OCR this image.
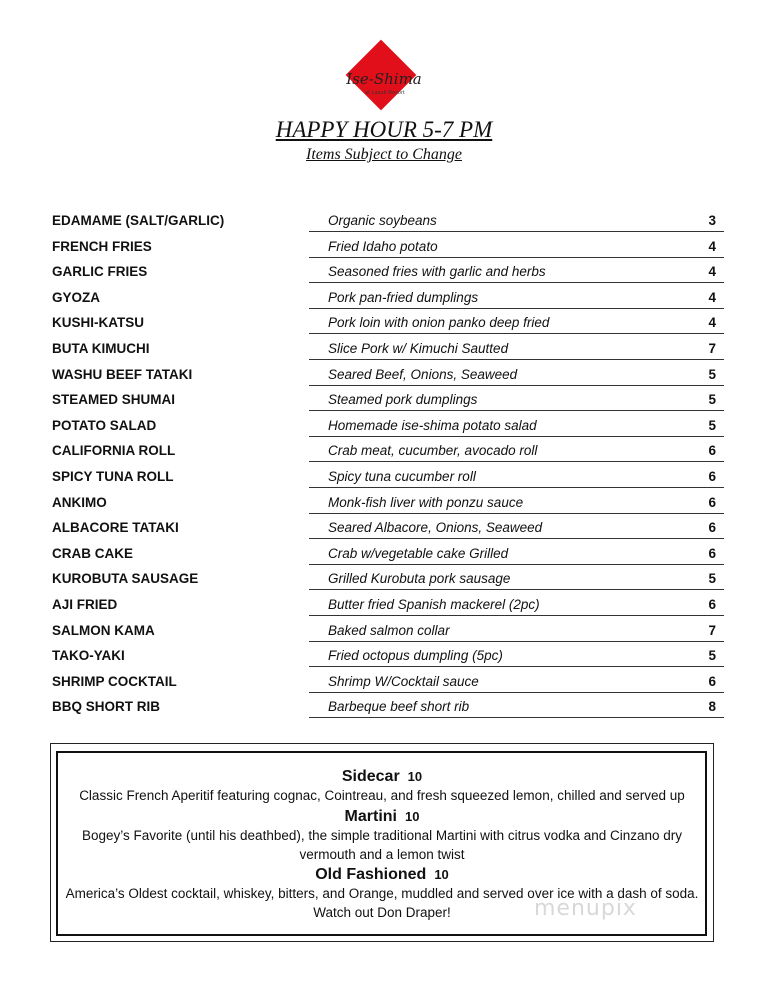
Ise-Shima
at Lazuli Resort
HAPPY HOUR 5-7 PM
Items Subject to Change
EDAMAME (SALT/GARLIC)	Organic soybeans	3
FRENCH FRIES	Fried Idaho potato	4
GARLIC FRIES	Seasoned fries with garlic and herbs	4
GYOZA	Pork pan-fried dumplings	4
KUSHI-KATSU	Pork loin with onion panko deep fried	4
BUTA KIMUCHI	Slice Pork w/ Kimuchi Sautted	7
WASHU BEEF TATAKI	Seared Beef, Onions, Seaweed	5
STEAMED SHUMAI	Steamed pork dumplings	5
POTATO SALAD	Homemade ise-shima potato salad	5
CALIFORNIA ROLL	Crab meat, cucumber, avocado roll	6
SPICY TUNA ROLL	Spicy tuna cucumber roll	6
ANKIMO	Monk-fish liver with ponzu sauce	6
ALBACORE TATAKI	Seared Albacore, Onions, Seaweed	6
CRAB CAKE	Crab w/vegetable cake Grilled	6
KUROBUTA SAUSAGE	Grilled Kurobuta pork sausage	5
AJI FRIED	Butter fried Spanish mackerel (2pc)	6
SALMON KAMA	Baked salmon collar	7
TAKO-YAKI	Fried octopus dumpling (5pc)	5
SHRIMP COCKTAIL	Shrimp W/Cocktail sauce	6
BBQ SHORT RIB	Barbeque beef short rib	8
Sidecar 10
Classic French Aperitif featuring cognac, Cointreau, and fresh squeezed lemon, chilled and served up
Martini 10
Bogey’s Favorite (until his deathbed), the simple traditional Martini with citrus vodka and Cinzano dry vermouth and a lemon twist
Old Fashioned 10
America’s Oldest cocktail, whiskey, bitters, and Orange, muddled and served over ice with a dash of soda. Watch out Don Draper!	menupix
